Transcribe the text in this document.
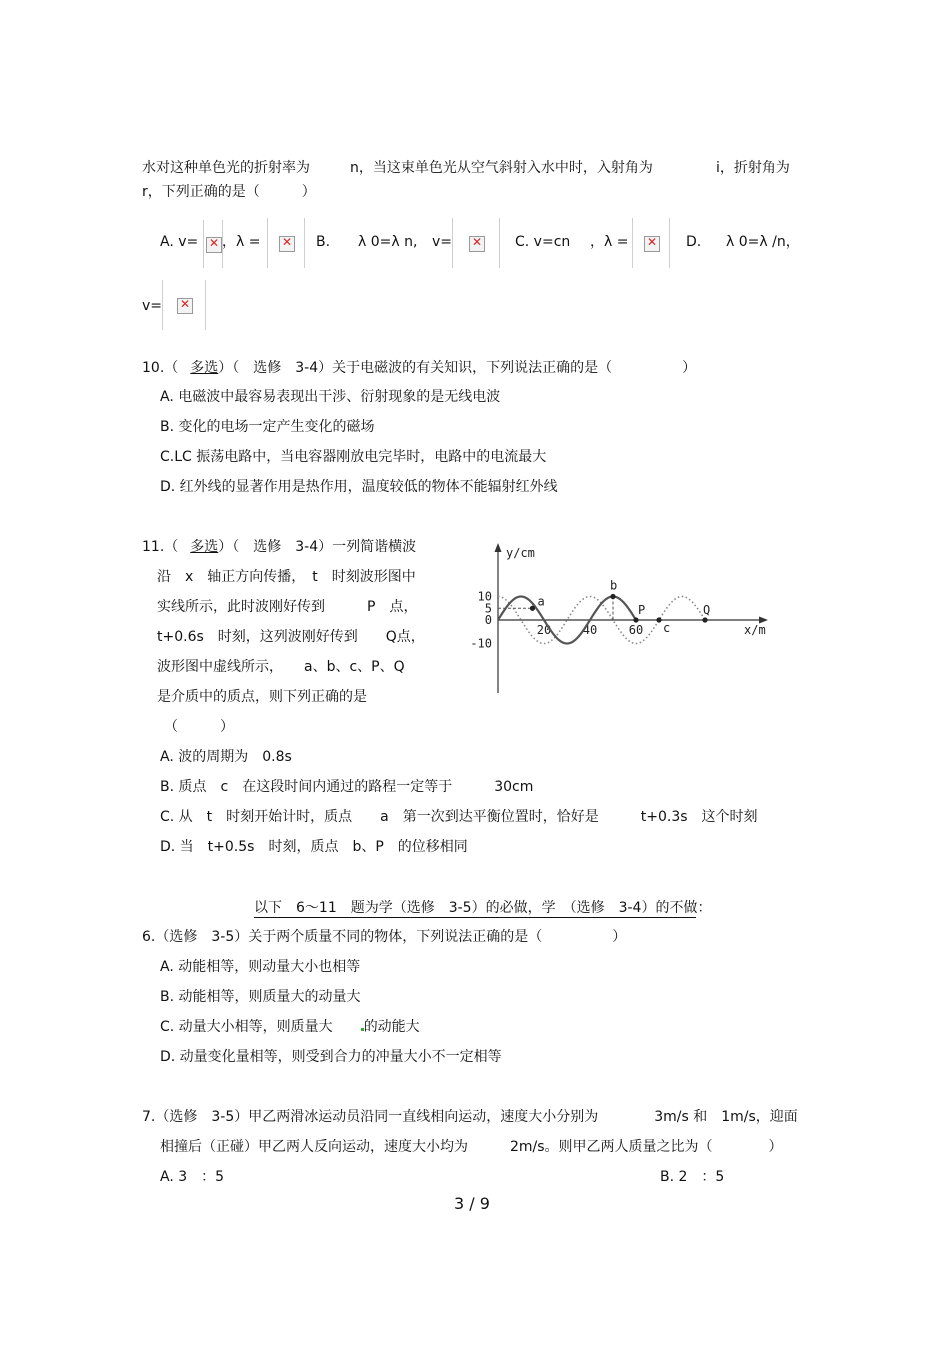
水对这种单色光的折射率为	n，当这束单色光从空气斜射入水中时，入射角为	i，折射角为
r，下列正确的是（　　　）
A. v= ✕ ，λ = ✕	B. λ 0=λ n, v= ✕	C. v=cn ，λ = ✕	D. λ 0=λ /n，
v=
✕
10.（ 多选）（　选修　3-4）关于电磁波的有关知识，下列说法正确的是（　　　　　）
A. 电磁波中最容易表现出干涉、衍射现象的是无线电波
B. 变化的电场一定产生变化的磁场
C.LC 振荡电路中，当电容器刚放电完毕时，电路中的电流最大
D. 红外线的显著作用是热作用，温度较低的物体不能辐射红外线
11.（ 多选）（　选修　3-4）一列简谐横波
沿　x　轴正方向传播，　t　时刻波形图中
实线所示，此时波刚好传到　　　P　点，
t+0.6s　时刻，这列波刚好传到　　Q点，
波形图中虚线所示，　　a、b、c、P、Q
是介质中的质点，则下列正确的是
（　　　）
y/cm
x/m
10
5
0
-10
20	40	60
a
b
P
c
Q
A. 波的周期为　0.8s
B. 质点　c　在这段时间内通过的路程一定等于　　　30cm
C. 从　t　时刻开始计时，质点　　a　第一次到达平衡位置时，恰好是　　　t+0.3s　这个时刻
D. 当　t+0.5s　时刻，质点　b、P　的位移相同
以下　6～11　题为学（选修　3-5）的必做，学　（选修　3-4）的不做：
6.（选修　3-5）关于两个质量不同的物体，下列说法正确的是（　　　　　）
A. 动能相等，则动量大小也相等
B. 动能相等，则质量大的动量大
C. 动量大小相等，则质量大　　的动能大
D. 动量变化量相等，则受到合力的冲量大小不一定相等
7.（选修　3-5）甲乙两滑冰运动员沿同一直线相向运动，速度大小分别为　　　　3m/s 和　1m/s，迎面
相撞后（正碰）甲乙两人反向运动，速度大小均为　　　2m/s。则甲乙两人质量之比为（　　　　）
A. 3　：5	B. 2　：5
3 / 9
